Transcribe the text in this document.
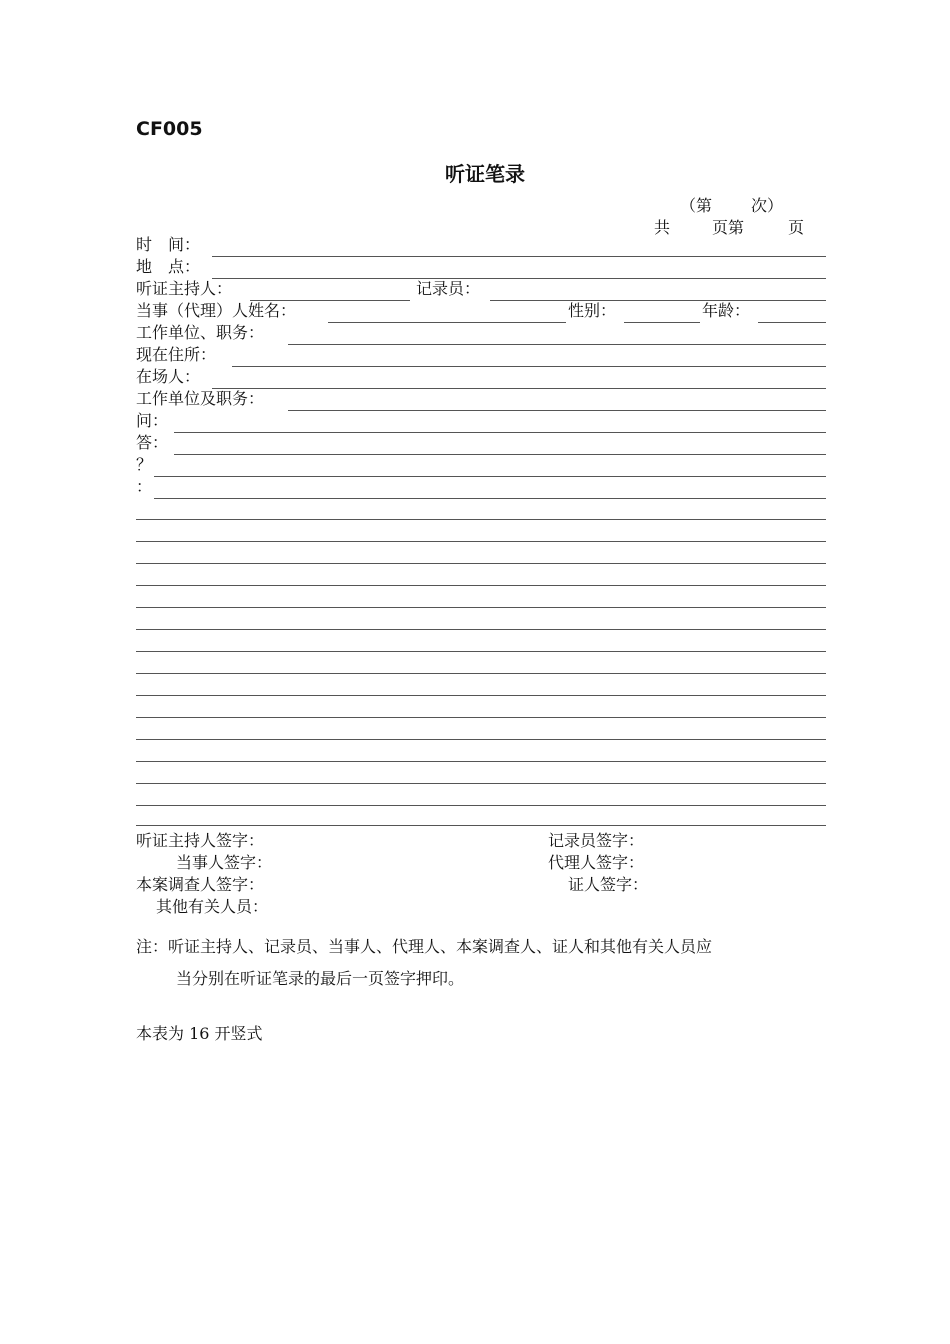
CF005
听证笔录
（第 次）
共	页第	页
时　间：
地　点：
听证主持人：	记录员：
当事（代理）人姓名：	性别：	年龄：
工作单位、职务：
现在住所：
在场人：
工作单位及职务：
问：
答：
？
：
听证主持人签字：	记录员签字：
当事人签字：	代理人签字：
本案调查人签字：	证人签字：
其他有关人员：
注：听证主持人、记录员、当事人、代理人、本案调查人、证人和其他有关人员应
当分别在听证笔录的最后一页签字押印。
本表为 16 开竖式
